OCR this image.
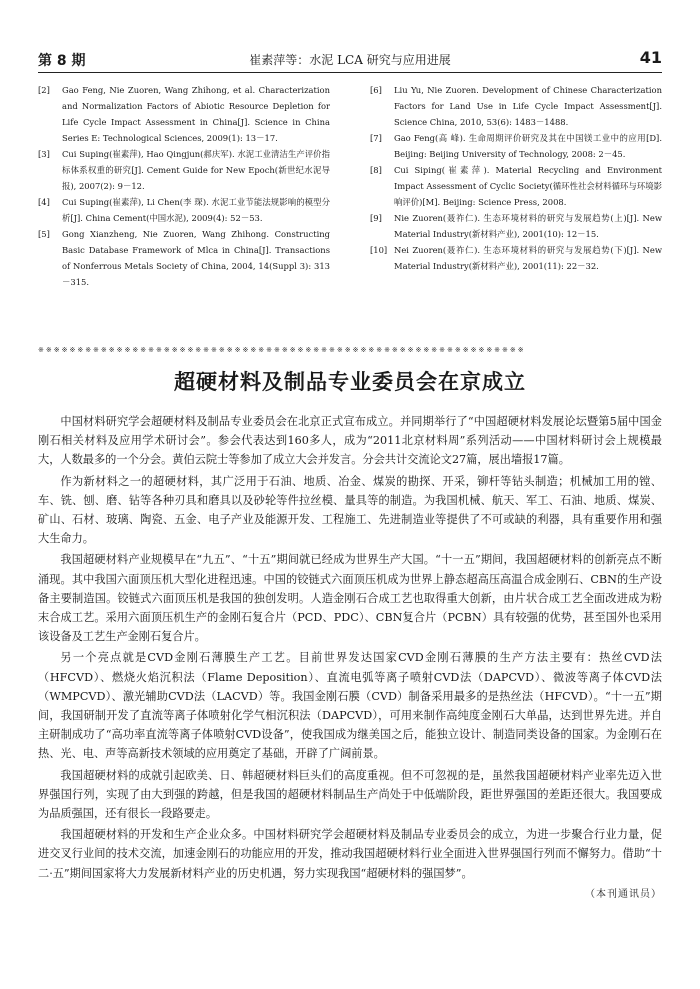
第 8 期	崔素萍等：水泥 LCA 研究与应用进展	41
[2] Gao Feng, Nie Zuoren, Wang Zhihong, et al. Characterization and Normalization Factors of Abiotic Resource Depletion for Life Cycle Impact Assessment in China[J]. Science in China Series E: Technological Sciences, 2009(1): 13－17.
[3] Cui Suping(崔素萍), Hao Qingjun(郝庆军). 水泥工业清洁生产评价指标体系权重的研究[J]. Cement Guide for New Epoch(新世纪水泥导报), 2007(2): 9－12.
[4] Cui Suping(崔素萍), Li Chen(李 琛). 水泥工业节能法规影响的模型分析[J]. China Cement(中国水泥), 2009(4): 52－53.
[5] Gong Xianzheng, Nie Zuoren, Wang Zhihong. Constructing Basic Database Framework of Mlca in China[J]. Transactions of Nonferrous Metals Society of China, 2004, 14(Suppl 3): 313－315.
[6] Liu Yu, Nie Zuoren. Development of Chinese Characterization Factors for Land Use in Life Cycle Impact Assessment[J]. Science China, 2010, 53(6): 1483－1488.
[7] Gao Feng(高 峰). 生命周期评价研究及其在中国镁工业中的应用[D]. Beijing: Beijing University of Technology, 2008: 2－45.
[8] Cui Siping(崔素萍). Material Recycling and Environment Impact Assessment of Cyclic Society(循环性社会材料循环与环境影响评价)[M]. Beijing: Science Press, 2008.
[9] Nie Zuoren(聂祚仁). 生态环境材料的研究与发展趋势(上)[J]. New Material Industry(新材料产业), 2001(10): 12－15.
[10] Nei Zuoren(聂祚仁). 生态环境材料的研究与发展趋势(下)[J]. New Material Industry(新材料产业), 2001(11): 22－32.
※※※※※※※※※※※※※※※※※※※※※※※※※※※※※※※※※※※※※※※※※※※※※※※※※※※※※※※※※※※※※※
超硬材料及制品专业委员会在京成立

中国材料研究学会超硬材料及制品专业委员会在北京正式宣布成立。并同期举行了“中国超硬材料发展论坛暨第5届中国金刚石相关材料及应用学术研讨会”。参会代表达到160多人，成为“2011北京材料周”系列活动——中国材料研讨会上规模最大，人数最多的一个分会。黄伯云院士等参加了成立大会并发言。分会共计交流论文27篇，展出墙报17篇。

作为新材料之一的超硬材料，其广泛用于石油、地质、冶金、煤炭的勘探、开采，铆杆等钻头制造；机械加工用的镗、车、铣、刨、磨、钻等各种刃具和磨具以及砂轮等件拉丝模、量具等的制造。为我国机械、航天、军工、石油、地质、煤炭、矿山、石材、玻璃、陶瓷、五金、电子产业及能源开发、工程施工、先进制造业等提供了不可或缺的利器，具有重要作用和强大生命力。

我国超硬材料产业规模早在“九五”、“十五”期间就已经成为世界生产大国。“十一五”期间，我国超硬材料的创新亮点不断涌现。其中我国六面顶压机大型化进程迅速。中国的铰链式六面顶压机成为世界上静态超高压高温合成金刚石、CBN的生产设备主要制造国。铰链式六面顶压机是我国的独创发明。人造金刚石合成工艺也取得重大创新，由片状合成工艺全面改进成为粉末合成工艺。采用六面顶压机生产的金刚石复合片（PCD、PDC）、CBN复合片（PCBN）具有较强的优势，甚至国外也采用该设备及工艺生产金刚石复合片。

另一个亮点就是CVD金刚石薄膜生产工艺。目前世界发达国家CVD金刚石薄膜的生产方法主要有：热丝CVD法（HFCVD）、燃烧火焰沉积法（Flame Deposition）、直流电弧等离子喷射CVD法（DAPCVD）、微波等离子体CVD法（WMPCVD）、激光辅助CVD法（LACVD）等。我国金刚石膜（CVD）制备采用最多的是热丝法（HFCVD）。“十一五”期间，我国研制开发了直流等离子体喷射化学气相沉积法（DAPCVD），可用来制作高纯度金刚石大单晶，达到世界先进。并自主研制成功了“高功率直流等离子体喷射CVD设备”，使我国成为继美国之后，能独立设计、制造同类设备的国家。为金刚石在热、光、电、声等高新技术领域的应用奠定了基础，开辟了广阔前景。

我国超硬材料的成就引起欧美、日、韩超硬材料巨头们的高度重视。但不可忽视的是，虽然我国超硬材料产业率先迈入世界强国行列，实现了由大到强的跨越，但是我国的超硬材料制品生产尚处于中低端阶段，距世界强国的差距还很大。我国要成为品质强国，还有很长一段路要走。

我国超硬材料的开发和生产企业众多。中国材料研究学会超硬材料及制品专业委员会的成立，为进一步聚合行业力量，促进交叉行业间的技术交流，加速金刚石的功能应用的开发，推动我国超硬材料行业全面进入世界强国行列而不懈努力。借助“十二·五”期间国家将大力发展新材料产业的历史机遇，努力实现我国“超硬材料的强国梦”。

（本刊通讯员）
